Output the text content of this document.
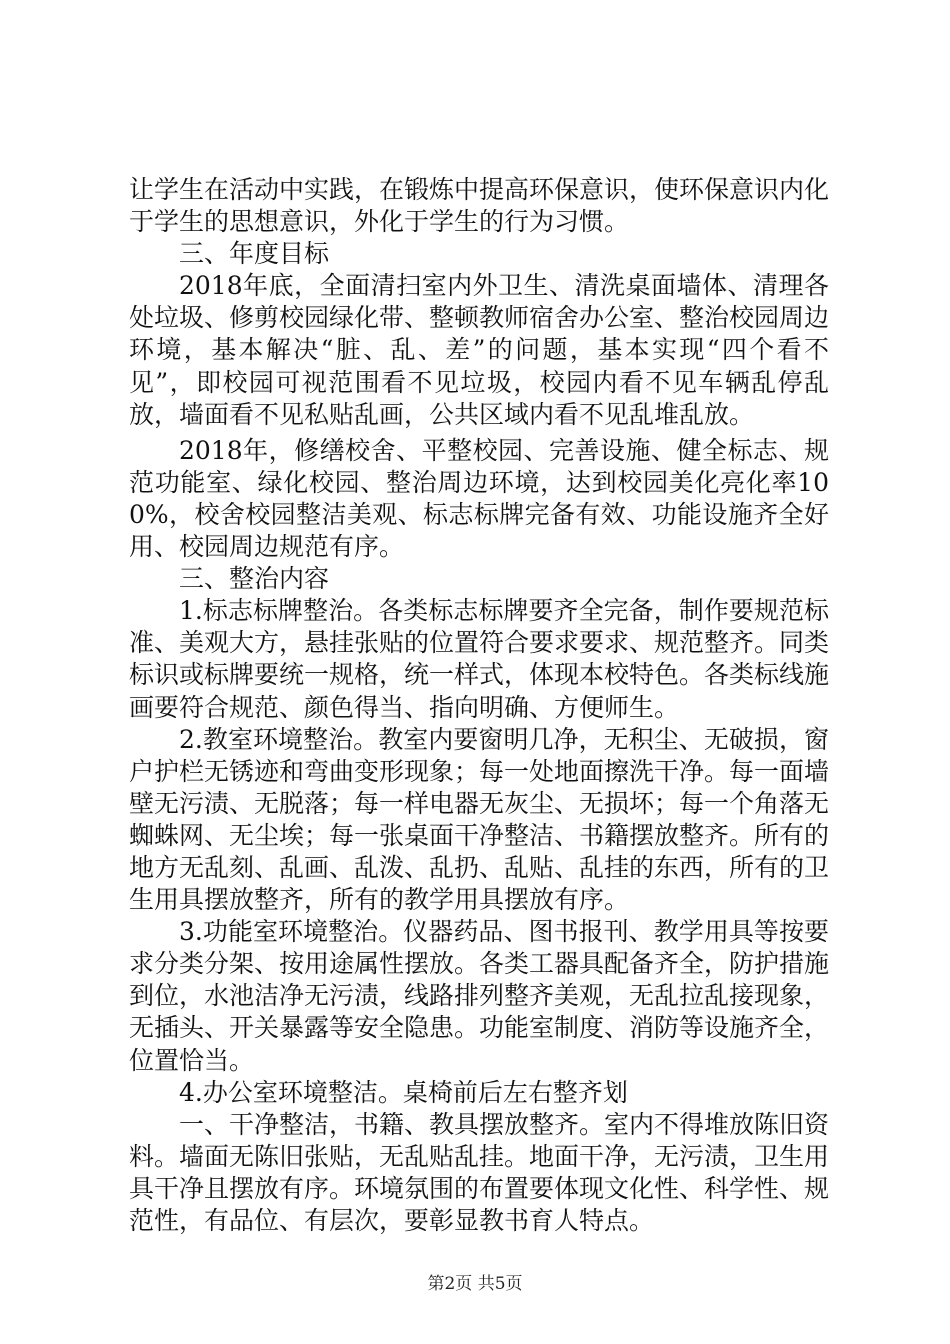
让学生在活动中实践，在锻炼中提高环保意识，使环保意识内化于学生的思想意识，外化于学生的行为习惯。

三、年度目标

2018年底，全面清扫室内外卫生、清洗桌面墙体、清理各处垃圾、修剪校园绿化带、整顿教师宿舍办公室、整治校园周边环境，基本解决“脏、乱、差”的问题，基本实现“四个看不见”，即校园可视范围看不见垃圾，校园内看不见车辆乱停乱放，墙面看不见私贴乱画，公共区域内看不见乱堆乱放。

2018年，修缮校舍、平整校园、完善设施、健全标志、规范功能室、绿化校园、整治周边环境，达到校园美化亮化率100%，校舍校园整洁美观、标志标牌完备有效、功能设施齐全好用、校园周边规范有序。

三、整治内容

1.标志标牌整治。各类标志标牌要齐全完备，制作要规范标准、美观大方，悬挂张贴的位置符合要求要求、规范整齐。同类标识或标牌要统一规格，统一样式，体现本校特色。各类标线施画要符合规范、颜色得当、指向明确、方便师生。

2.教室环境整治。教室内要窗明几净，无积尘、无破损，窗户护栏无锈迹和弯曲变形现象；每一处地面擦洗干净。每一面墙壁无污渍、无脱落；每一样电器无灰尘、无损坏；每一个角落无蜘蛛网、无尘埃；每一张桌面干净整洁、书籍摆放整齐。所有的地方无乱刻、乱画、乱泼、乱扔、乱贴、乱挂的东西，所有的卫生用具摆放整齐，所有的教学用具摆放有序。

3.功能室环境整治。仪器药品、图书报刊、教学用具等按要求分类分架、按用途属性摆放。各类工器具配备齐全，防护措施到位，水池洁净无污渍，线路排列整齐美观，无乱拉乱接现象，无插头、开关暴露等安全隐患。功能室制度、消防等设施齐全，位置恰当。

4.办公室环境整洁。桌椅前后左右整齐划

一、干净整洁，书籍、教具摆放整齐。室内不得堆放陈旧资料。墙面无陈旧张贴，无乱贴乱挂。地面干净，无污渍，卫生用具干净且摆放有序。环境氛围的布置要体现文化性、科学性、规范性，有品位、有层次，要彰显教书育人特点。

第2页 共5页
